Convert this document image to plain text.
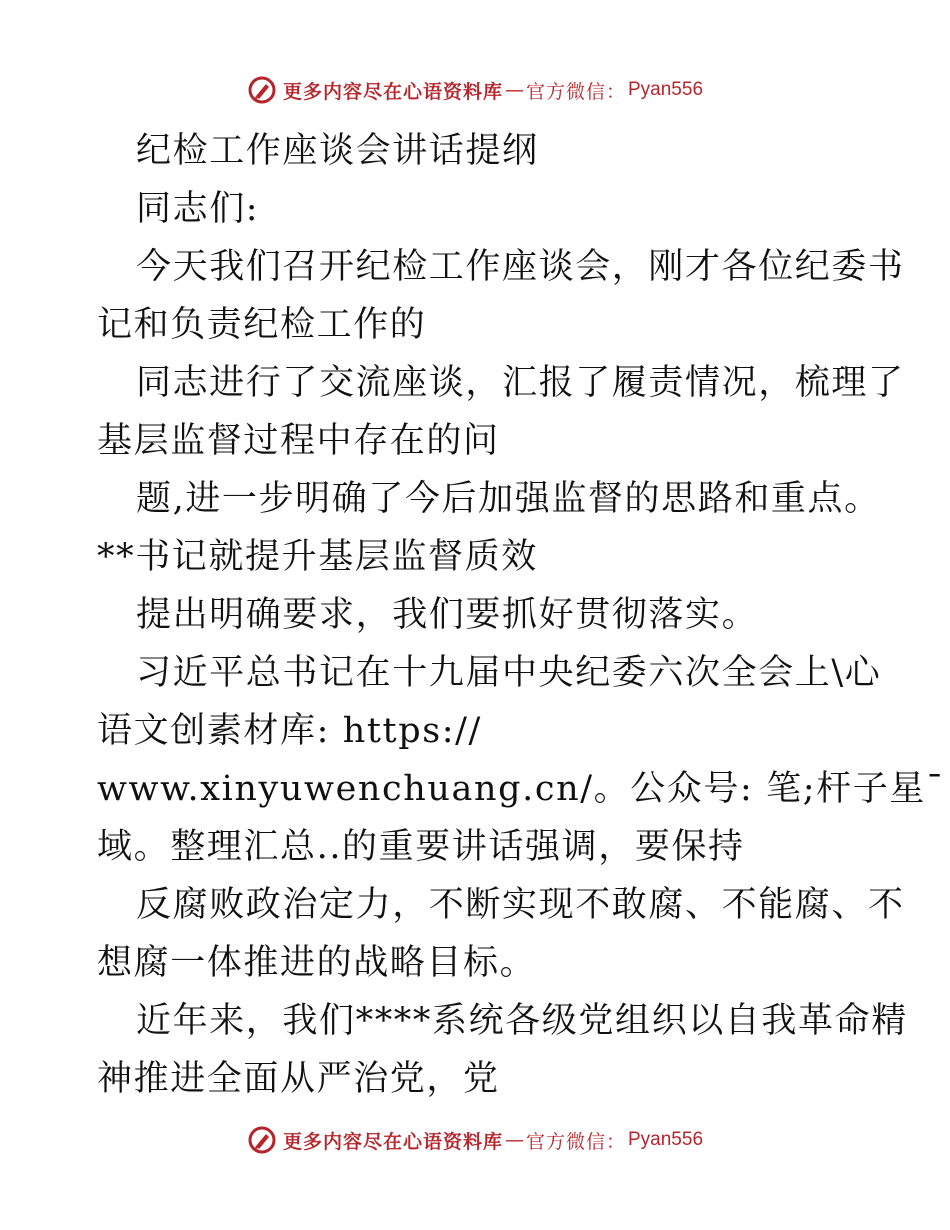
更多内容尽在心语资料库 — 官方微信： Pyan556
纪检工作座谈会讲话提纲
同志们:
今天我们召开纪检工作座谈会，刚才各位纪委书
记和负责纪检工作的
同志进行了交流座谈，汇报了履责情况，梳理了
基层监督过程中存在的问
题,进一步明确了今后加强监督的思路和重点。
**书记就提升基层监督质效
提出明确要求，我们要抓好贯彻落实。
习近平总书记在十九届中央纪委六次全会上\心
语文创素材库: https://
www.xinyuwenchuang.cn/。公众号: 笔;杆子星¯
域。整理汇总..的重要讲话强调，要保持
反腐败政治定力，不断实现不敢腐、不能腐、不
想腐一体推进的战略目标。
近年来，我们****系统各级党组织以自我革命精
神推进全面从严治党，党
更多内容尽在心语资料库 — 官方微信： Pyan556
